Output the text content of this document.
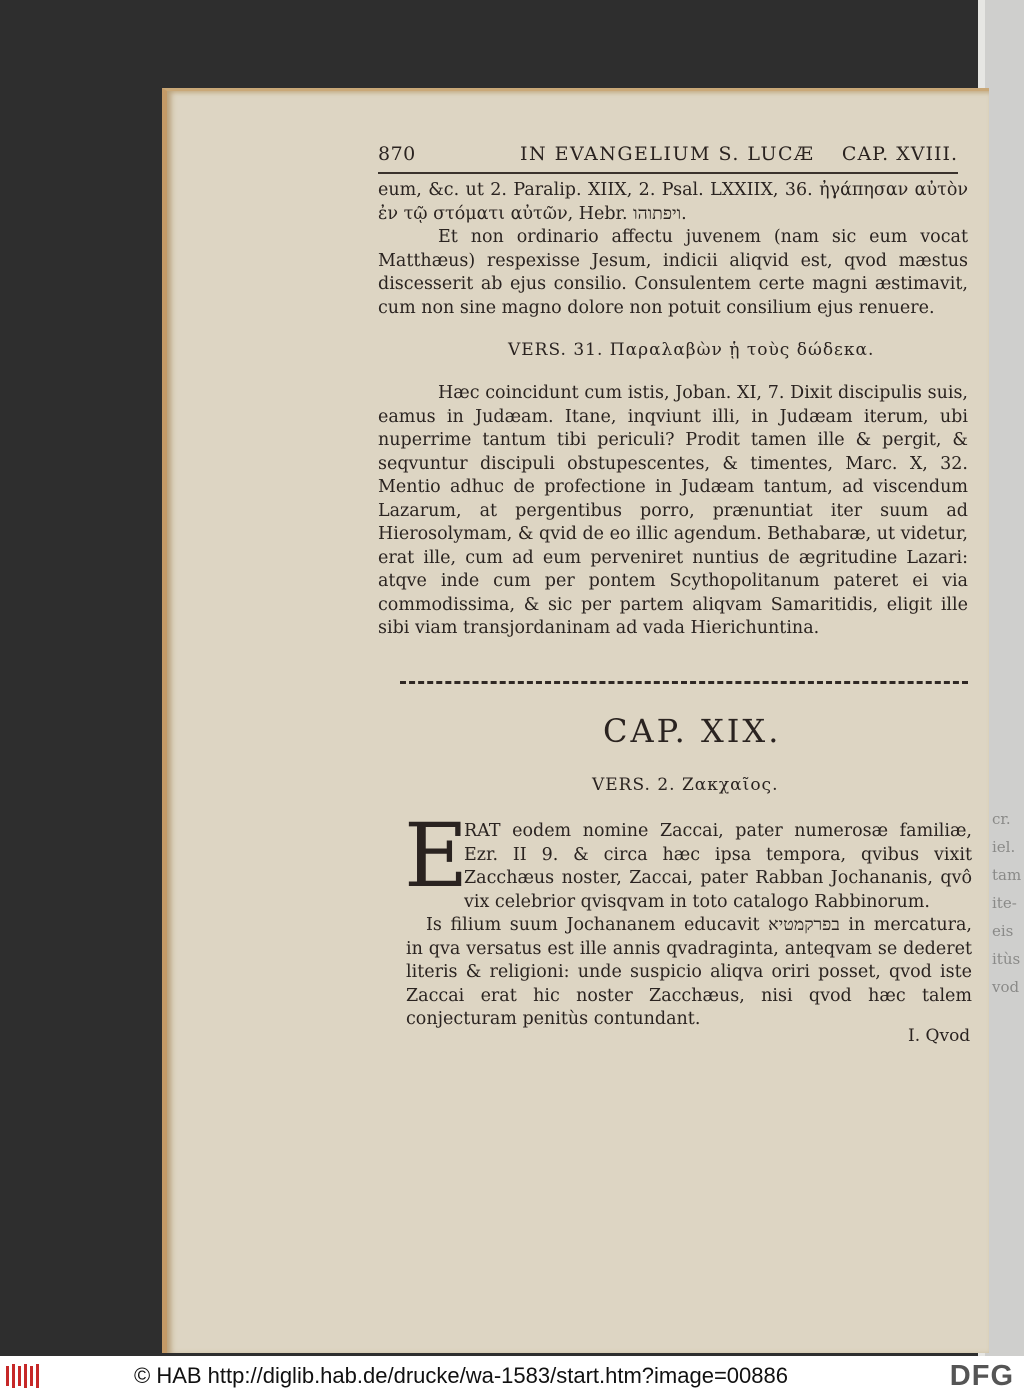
cr.
iel.
tam
ite-
eis
itùs
vod
870	IN EVANGELIUM S. LUCÆ CAP. XVIII.

eum, &c. ut 2. Paralip. XIIX, 2. Psal. LXXIIX, 36. ἠγάπησαν αὐτὸν ἐν τῷ στόματι αὐτῶν, Hebr. ויפתוהו.

Et non ordinario affectu juvenem (nam sic eum vocat Matthæus) respexisse Jesum, indicii aliqvid est, qvod mæstus discesserit ab ejus consilio. Consulentem certe magni æstimavit, cum non sine magno dolore non potuit consilium ejus renuere.

VERS. 31. Παραλαβὼν ᾑ τοὺς δώδεκα.

Hæc coincidunt cum istis, Joban. XI, 7. Dixit discipulis suis, eamus in Judæam. Itane, inqviunt illi, in Judæam iterum, ubi nuperrime tantum tibi periculi? Prodit tamen ille & pergit, & seqvuntur discipuli obstupescentes, & timentes, Marc. X, 32. Mentio adhuc de profectione in Judæam tantum, ad viscendum Lazarum, at pergentibus porro, prænuntiat iter suum ad Hierosolymam, & qvid de eo illic agendum. Bethabaræ, ut videtur, erat ille, cum ad eum perveniret nuntius de ægritudine Lazari: atqve inde cum per pontem Scythopolitanum pateret ei via commodissima, & sic per partem aliqvam Samaritidis, eligit ille sibi viam transjordaninam ad vada Hierichuntina.

CAP. XIX.
VERS. 2. Ζακχαῖος.
E

RAT eodem nomine Zaccai, pater numerosæ familiæ, Ezr. II 9. & circa hæc ipsa tempora, qvibus vixit Zacchæus noster, Zaccai, pater Rabban Jochananis, qvô vix celebrior qvisqvam in toto catalogo Rabbinorum.

Is filium suum Jochananem educavit בפרקמטיא in mercatura, in qva versatus est ille annis qvadraginta, anteqvam se dederet literis & religioni: unde suspicio aliqva oriri posset, qvod iste Zaccai erat hic noster Zacchæus, nisi qvod hæc talem conjecturam penitùs contundant.

I. Qvod
© HAB http://diglib.hab.de/drucke/wa-1583/start.htm?image=00886	DFG
